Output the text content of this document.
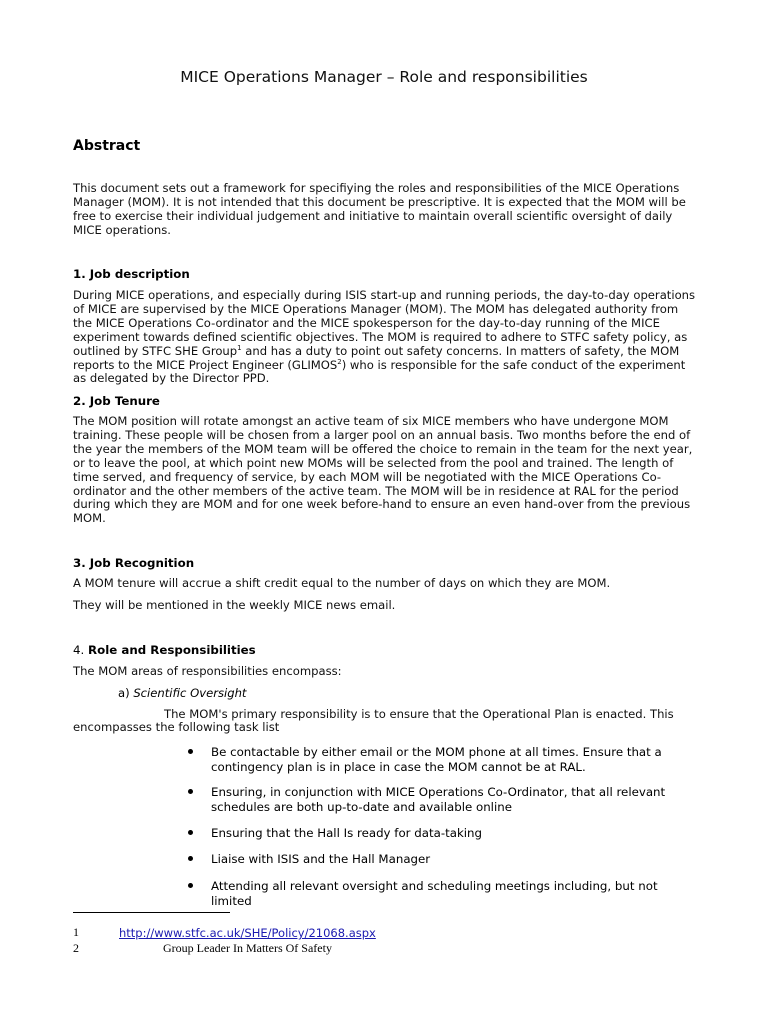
MICE Operations Manager – Role and responsibilities
Abstract
This document sets out a framework for specifiying the roles and responsibilities of the MICE Operations Manager (MOM). It is not intended that this document be prescriptive. It is expected that the MOM will be free to exercise their individual judgement and initiative to maintain overall scientific oversight of daily MICE operations.
1. Job description
During MICE operations, and especially during ISIS start-up and running periods, the day-to-day operations of MICE are supervised by the MICE Operations Manager (MOM). The MOM has delegated authority from the MICE Operations Co-ordinator and the MICE spokesperson for the day-to-day running of the MICE experiment towards defined scientific objectives. The MOM is required to adhere to STFC safety policy, as outlined by STFC SHE Group$^1$ and has a duty to point out safety concerns. In matters of safety, the MOM reports to the MICE Project Engineer (GLIMOS$^2$) who is responsible for the safe conduct of the experiment as delegated by the Director PPD.
2. Job Tenure
The MOM position will rotate amongst an active team of six MICE members who have undergone MOM training. These people will be chosen from a larger pool on an annual basis. Two months before the end of the year the members of the MOM team will be offered the choice to remain in the team for the next year, or to leave the pool, at which point new MOMs will be selected from the pool and trained. The length of time served, and frequency of service, by each MOM will be negotiated with the MICE Operations Co-ordinator and the other members of the active team. The MOM will be in residence at RAL for the period during which they are MOM and for one week before-hand to ensure an even hand-over from the previous MOM.
3. Job Recognition
A MOM tenure will accrue a shift credit equal to the number of days on which they are MOM.
They will be mentioned in the weekly MICE news email.
4. Role and Responsibilities
The MOM areas of responsibilities encompass:
a) Scientific Oversight
The MOM's primary responsibility is to ensure that the Operational Plan is enacted. This
encompasses the following task list
Be contactable by either email or the MOM phone at all times. Ensure that a contingency plan is in place in case the MOM cannot be at RAL.
Ensuring, in conjunction with MICE Operations Co-Ordinator, that all relevant schedules are both up-to-date and available online
Ensuring that the Hall Is ready for data-taking
Liaise with ISIS and the Hall Manager
Attending all relevant oversight and scheduling meetings including, but not limited
1	http://www.stfc.ac.uk/SHE/Policy/21068.aspx
2	Group Leader In Matters Of Safety
